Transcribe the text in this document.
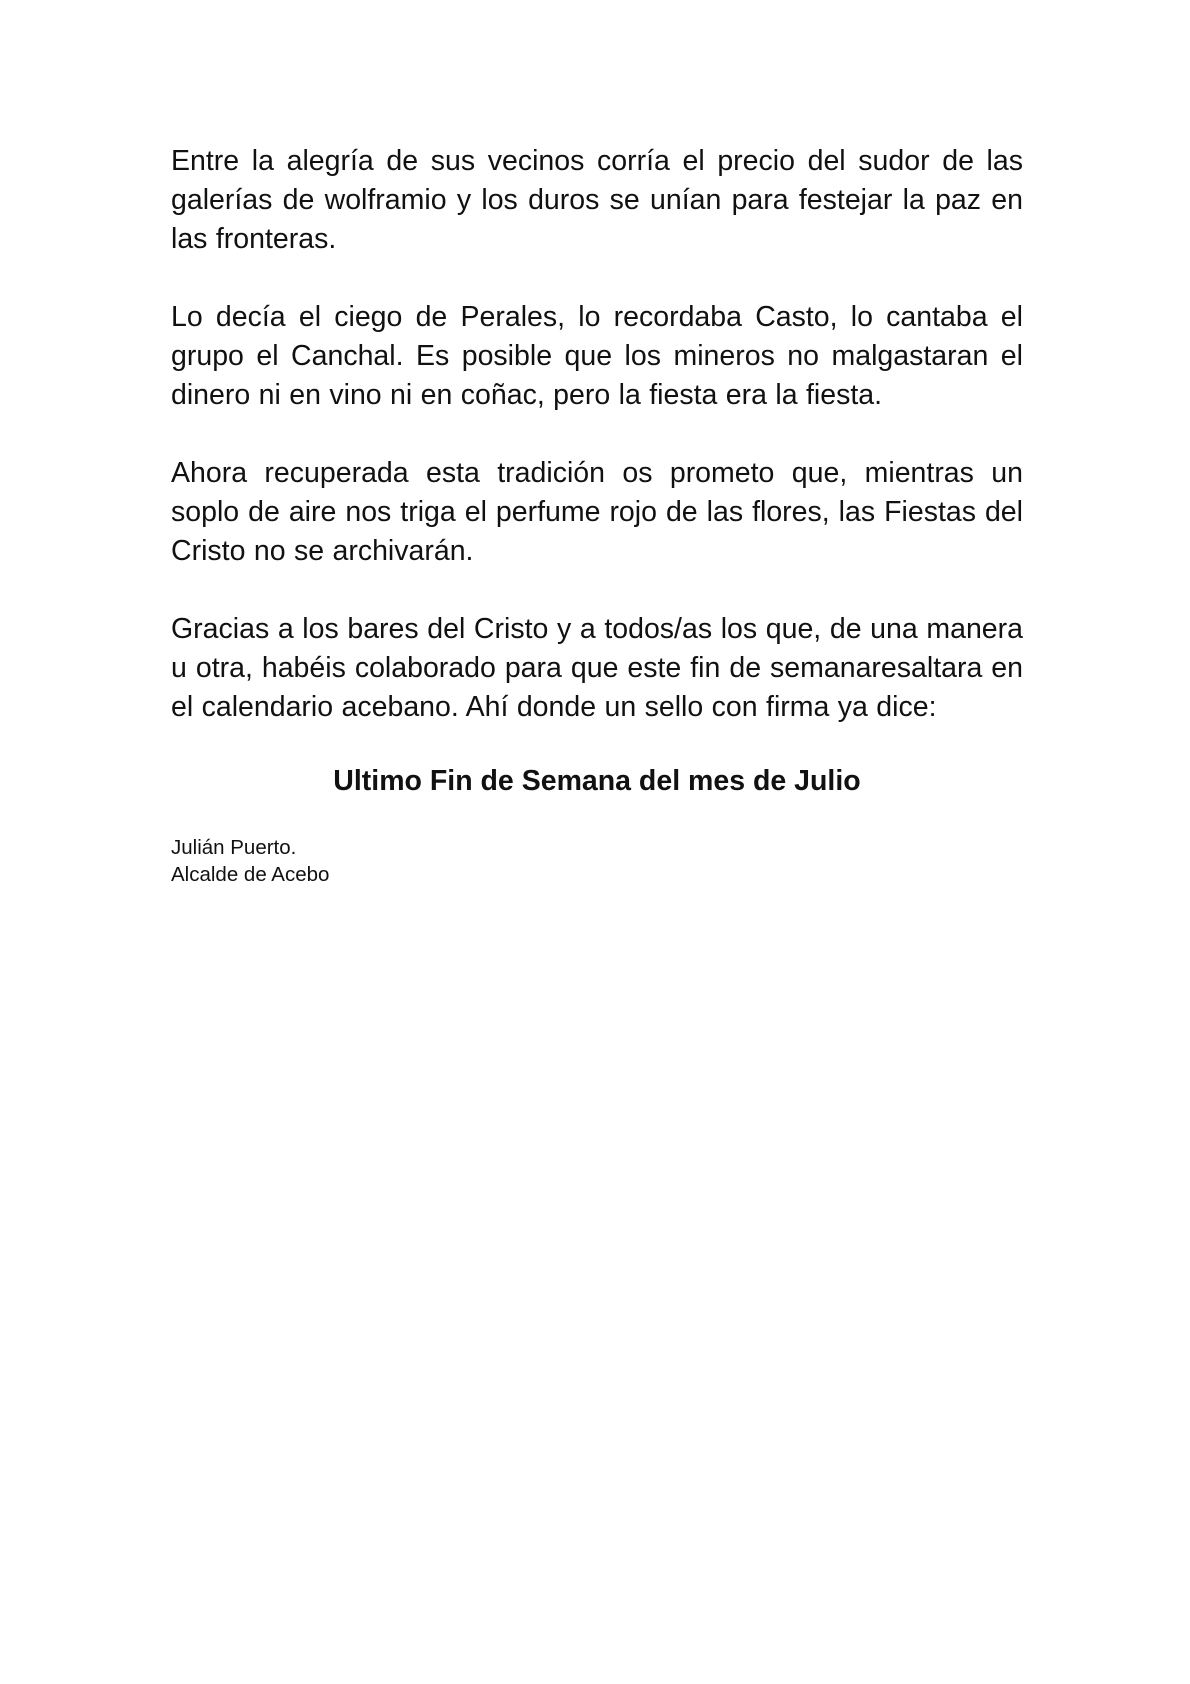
Entre la alegría de sus vecinos corría el precio del sudor de las galerías de wolframio y los duros se unían para festejar la paz en las fronteras.

Lo decía el ciego de Perales, lo recordaba Casto, lo cantaba el grupo el Canchal. Es posible que los mineros no malgastaran el dinero ni en vino ni en coñac, pero la fiesta era la fiesta.

Ahora recuperada esta tradición os prometo que, mientras un soplo de aire nos triga el perfume rojo de las flores, las Fiestas del Cristo no se archivarán.

Gracias a los bares del Cristo y a todos/as los que, de una manera u otra, habéis colaborado para que este fin de semanaresaltara en el calendario acebano. Ahí donde un sello con firma ya dice:

Ultimo Fin de Semana del mes de Julio

Julián Puerto.
Alcalde de Acebo
